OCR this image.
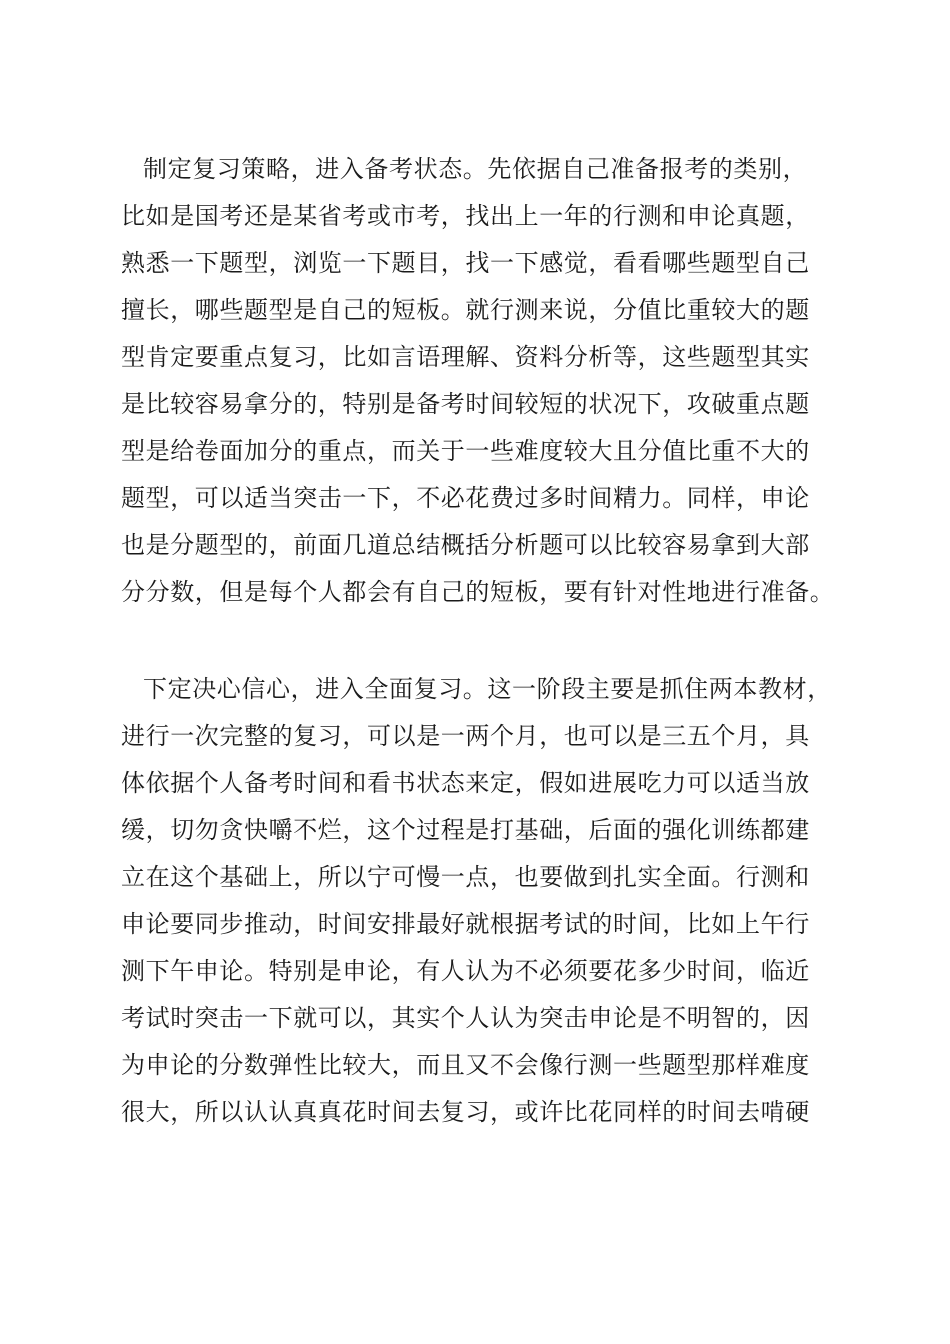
制定复习策略，进入备考状态。先依据自己准备报考的类别，
比如是国考还是某省考或市考，找出上一年的行测和申论真题，
熟悉一下题型，浏览一下题目，找一下感觉，看看哪些题型自己
擅长，哪些题型是自己的短板。就行测来说，分值比重较大的题
型肯定要重点复习，比如言语理解、资料分析等，这些题型其实
是比较容易拿分的，特别是备考时间较短的状况下，攻破重点题
型是给卷面加分的重点，而关于一些难度较大且分值比重不大的
题型，可以适当突击一下，不必花费过多时间精力。同样，申论
也是分题型的，前面几道总结概括分析题可以比较容易拿到大部
分分数，但是每个人都会有自己的短板，要有针对性地进行准备。
下定决心信心，进入全面复习。这一阶段主要是抓住两本教材，
进行一次完整的复习，可以是一两个月，也可以是三五个月，具
体依据个人备考时间和看书状态来定，假如进展吃力可以适当放
缓，切勿贪快嚼不烂，这个过程是打基础，后面的强化训练都建
立在这个基础上，所以宁可慢一点，也要做到扎实全面。行测和
申论要同步推动，时间安排最好就根据考试的时间，比如上午行
测下午申论。特别是申论，有人认为不必须要花多少时间，临近
考试时突击一下就可以，其实个人认为突击申论是不明智的，因
为申论的分数弹性比较大，而且又不会像行测一些题型那样难度
很大，所以认认真真花时间去复习，或许比花同样的时间去啃硬
